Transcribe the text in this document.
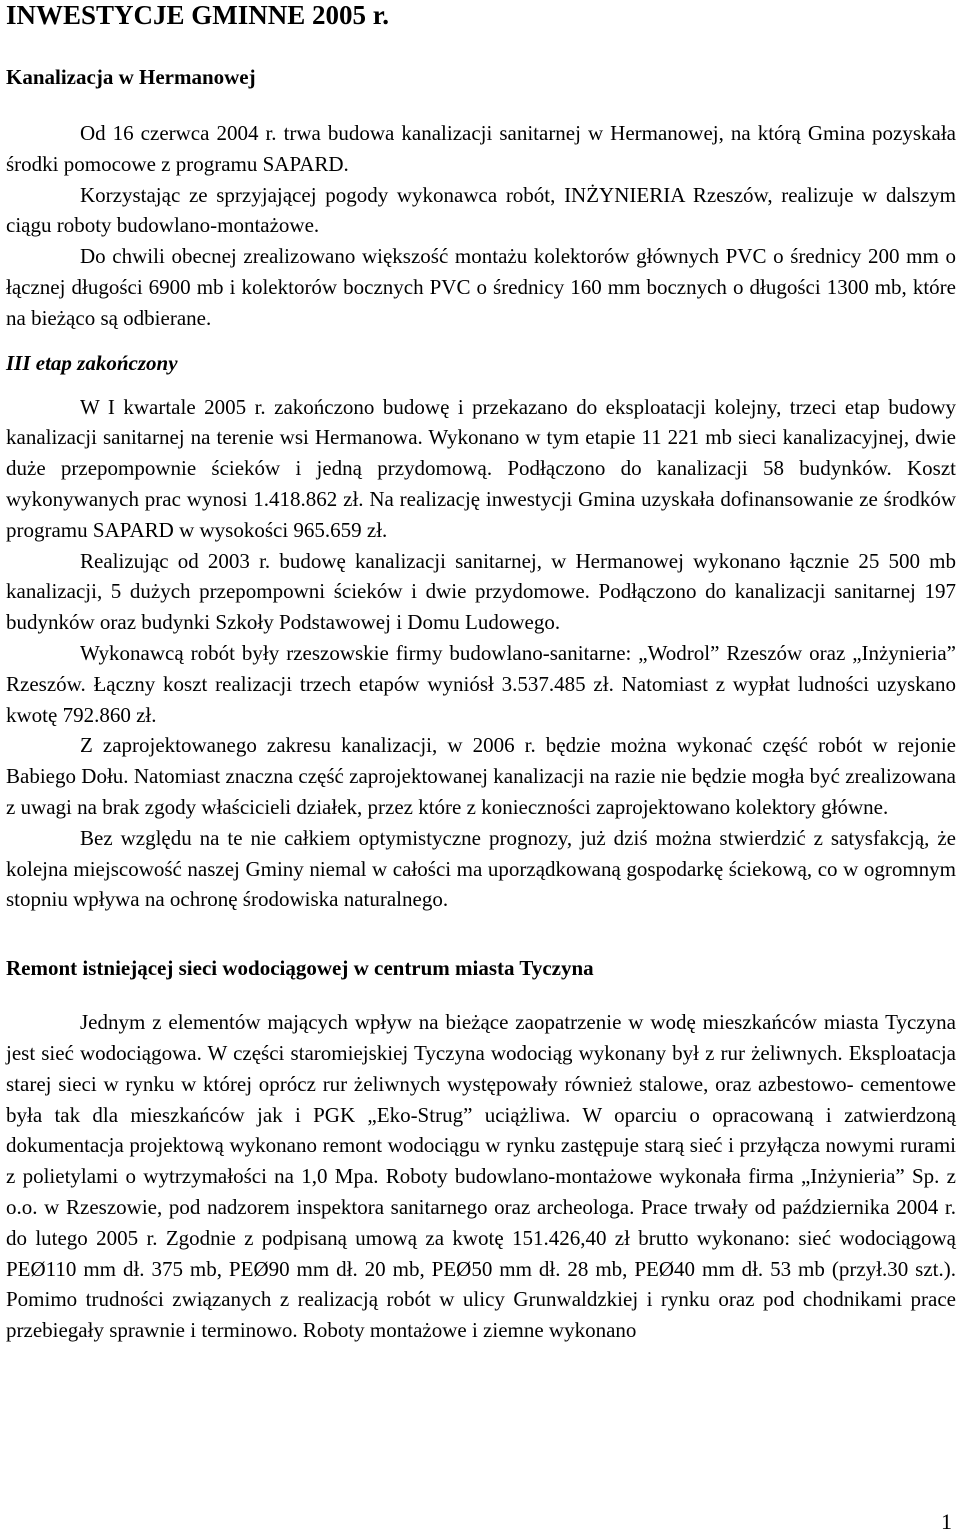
INWESTYCJE GMINNE 2005 r.
Kanalizacja w Hermanowej

Od 16 czerwca 2004 r. trwa budowa kanalizacji sanitarnej w Hermanowej, na którą Gmina pozyskała środki pomocowe z programu SAPARD.

Korzystając ze sprzyjającej pogody wykonawca robót, INŻYNIERIA Rzeszów, realizuje w dalszym ciągu roboty budowlano-montażowe.

Do chwili obecnej zrealizowano większość montażu kolektorów głównych PVC o średnicy 200 mm o łącznej długości 6900 mb i kolektorów bocznych PVC o średnicy 160 mm bocznych o długości 1300 mb, które na bieżąco są odbierane.

III etap zakończony

W I kwartale 2005 r. zakończono budowę i przekazano do eksploatacji kolejny, trzeci etap budowy kanalizacji sanitarnej na terenie wsi Hermanowa. Wykonano w tym etapie 11 221 mb sieci kanalizacyjnej, dwie duże przepompownie ścieków i jedną przydomową. Podłączono do kanalizacji 58 budynków. Koszt wykonywanych prac wynosi 1.418.862 zł. Na realizację inwestycji Gmina uzyskała dofinansowanie ze środków programu SAPARD w wysokości 965.659 zł.

Realizując od 2003 r. budowę kanalizacji sanitarnej, w Hermanowej wykonano łącznie 25 500 mb kanalizacji, 5 dużych przepompowni ścieków i dwie przydomowe. Podłączono do kanalizacji sanitarnej 197 budynków oraz budynki Szkoły Podstawowej i Domu Ludowego.

Wykonawcą robót były rzeszowskie firmy budowlano-sanitarne: „Wodrol” Rzeszów oraz „Inżynieria” Rzeszów. Łączny koszt realizacji trzech etapów wyniósł 3.537.485 zł. Natomiast z wypłat ludności uzyskano kwotę 792.860 zł.

Z zaprojektowanego zakresu kanalizacji, w 2006 r. będzie można wykonać część robót w rejonie Babiego Dołu. Natomiast znaczna część zaprojektowanej kanalizacji na razie nie będzie mogła być zrealizowana z uwagi na brak zgody właścicieli działek, przez które z konieczności zaprojektowano kolektory główne.

Bez względu na te nie całkiem optymistyczne prognozy, już dziś można stwierdzić z satysfakcją, że kolejna miejscowość naszej Gminy niemal w całości ma uporządkowaną gospodarkę ściekową, co w ogromnym stopniu wpływa na ochronę środowiska naturalnego.

Remont istniejącej sieci wodociągowej w centrum miasta Tyczyna

Jednym z elementów mających wpływ na bieżące zaopatrzenie w wodę mieszkańców miasta Tyczyna jest sieć wodociągowa. W części staromiejskiej Tyczyna wodociąg wykonany był z rur żeliwnych. Eksploatacja starej sieci w rynku w której oprócz rur żeliwnych występowały również stalowe, oraz azbestowo- cementowe była tak dla mieszkańców jak i PGK „Eko-Strug” uciążliwa. W oparciu o opracowaną i zatwierdzoną dokumentacja projektową wykonano remont wodociągu w rynku zastępuje starą sieć i przyłącza nowymi rurami z polietylami o wytrzymałości na 1,0 Mpa. Roboty budowlano-montażowe wykonała firma „Inżynieria” Sp. z o.o. w Rzeszowie, pod nadzorem inspektora sanitarnego oraz archeologa. Prace trwały od października 2004 r. do lutego 2005 r. Zgodnie z podpisaną umową za kwotę 151.426,40 zł brutto wykonano: sieć wodociągową PEØ110 mm dł. 375 mb, PEØ90 mm dł. 20 mb, PEØ50 mm dł. 28 mb, PEØ40 mm dł. 53 mb (przył.30 szt.). Pomimo trudności związanych z realizacją robót w ulicy Grunwaldzkiej i rynku oraz pod chodnikami prace przebiegały sprawnie i terminowo. Roboty montażowe i ziemne wykonano

1
